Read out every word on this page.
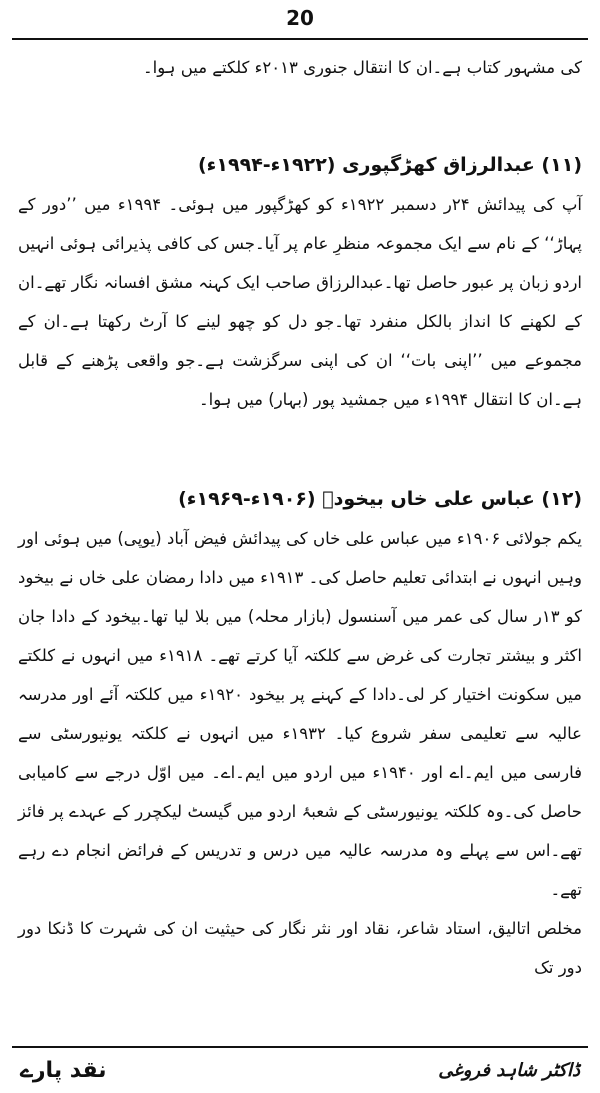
20

کی مشہور کتاب ہے۔ان کا انتقال جنوری ۲۰۱۳ء کلکتے میں ہوا۔

(۱۱) عبدالرزاق کھڑگپوری (۱۹۲۲ء-۱۹۹۴ء)

آپ کی پیدائش ۲۴ر دسمبر ۱۹۲۲ء کو کھڑگپور میں ہوئی۔ ۱۹۹۴ء میں ’’دور کے پہاڑ‘‘ کے نام سے ایک مجموعہ منظرِ عام پر آیا۔جس کی کافی پذیرائی ہوئی انہیں اردو زبان پر عبور حاصل تھا۔عبدالرزاق صاحب ایک کہنہ مشق افسانہ نگار تھے۔ان کے لکھنے کا انداز بالکل منفرد تھا۔جو دل کو چھو لینے کا آرٹ رکھتا ہے۔ان کے مجموعے میں ’’اپنی بات‘‘ ان کی اپنی سرگزشت ہے۔جو واقعی پڑھنے کے قابل ہے۔ان کا انتقال ۱۹۹۴ء میں جمشید پور (بہار) میں ہوا۔

(۱۲) عباس علی خاں بیخودؔ (۱۹۰۶ء-۱۹۶۹ء)

یکم جولائی ۱۹۰۶ء میں عباس علی خاں کی پیدائش فیض آباد (یوپی) میں ہوئی اور وہیں انہوں نے ابتدائی تعلیم حاصل کی۔ ۱۹۱۳ء میں دادا رمضان علی خاں نے بیخود کو ۱۳ر سال کی عمر میں آسنسول (بازار محلہ) میں بلا لیا تھا۔بیخود کے دادا جان اکثر و بیشتر تجارت کی غرض سے کلکتہ آیا کرتے تھے۔ ۱۹۱۸ء میں انہوں نے کلکتے میں سکونت اختیار کر لی۔دادا کے کہنے پر بیخود ۱۹۲۰ء میں کلکتہ آئے اور مدرسہ عالیہ سے تعلیمی سفر شروع کیا۔ ۱۹۳۲ء میں انہوں نے کلکتہ یونیورسٹی سے فارسی میں ایم۔اے اور ۱۹۴۰ء میں اردو میں ایم۔اے۔ میں اوّل درجے سے کامیابی حاصل کی۔وہ کلکتہ یونیورسٹی کے شعبۂ اردو میں گیسٹ لیکچرر کے عہدے پر فائز تھے۔اس سے پہلے وہ مدرسہ عالیہ میں درس و تدریس کے فرائض انجام دے رہے تھے۔

مخلص اتالیق، استاد شاعر، نقاد اور نثر نگار کی حیثیت ان کی شہرت کا ڈنکا دور دور تک

ڈاکٹر شاہد فروغی
نقد پارے
